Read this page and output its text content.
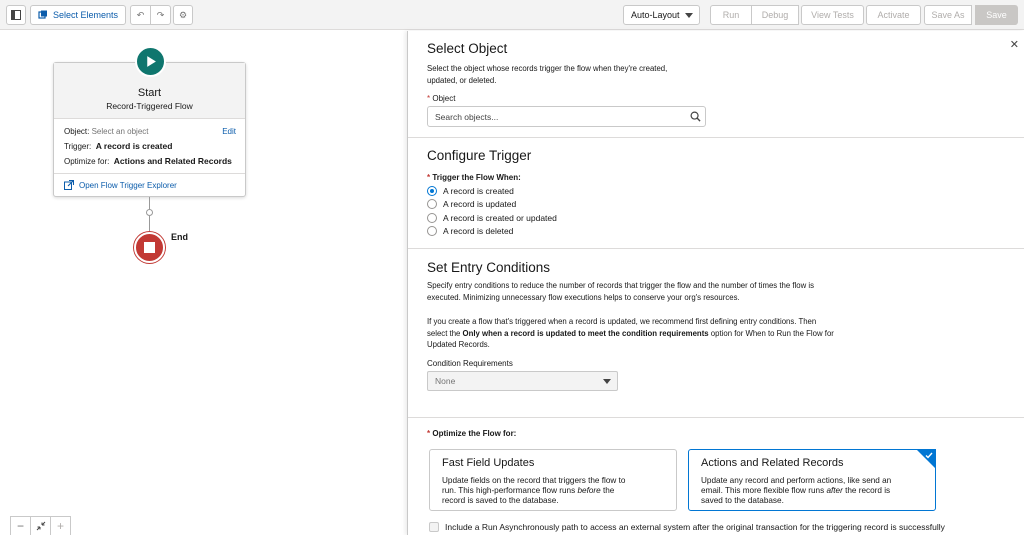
Select Elements ↶ ↷ ⚙	Auto-Layout	Run Debug	View Tests	Activate Save As Save
Start
Record-Triggered Flow
Object: Select an object	Edit
Trigger: A record is created
Optimize for: Actions and Related Records
Open Flow Trigger Explorer
End
−	+
✕
Select Object
Select the object whose records trigger the flow when they're created,
updated, or deleted.
* Object
Search objects...
Configure Trigger
* Trigger the Flow When:
A record is created
A record is updated
A record is created or updated
A record is deleted
Set Entry Conditions
Specify entry conditions to reduce the number of records that trigger the flow and the number of times the flow is
executed. Minimizing unnecessary flow executions helps to conserve your org's resources.
If you create a flow that's triggered when a record is updated, we recommend first defining entry conditions. Then
select the Only when a record is updated to meet the condition requirements option for When to Run the Flow for
Updated Records.
Condition Requirements
None
* Optimize the Flow for:
Fast Field Updates
Update fields on the record that triggers the flow to
run. This high-performance flow runs before the
record is saved to the database.
Actions and Related Records
Update any record and perform actions, like send an
email. This more flexible flow runs after the record is
saved to the database.
Include a Run Asynchronously path to access an external system after the original transaction for the triggering record is successfully
